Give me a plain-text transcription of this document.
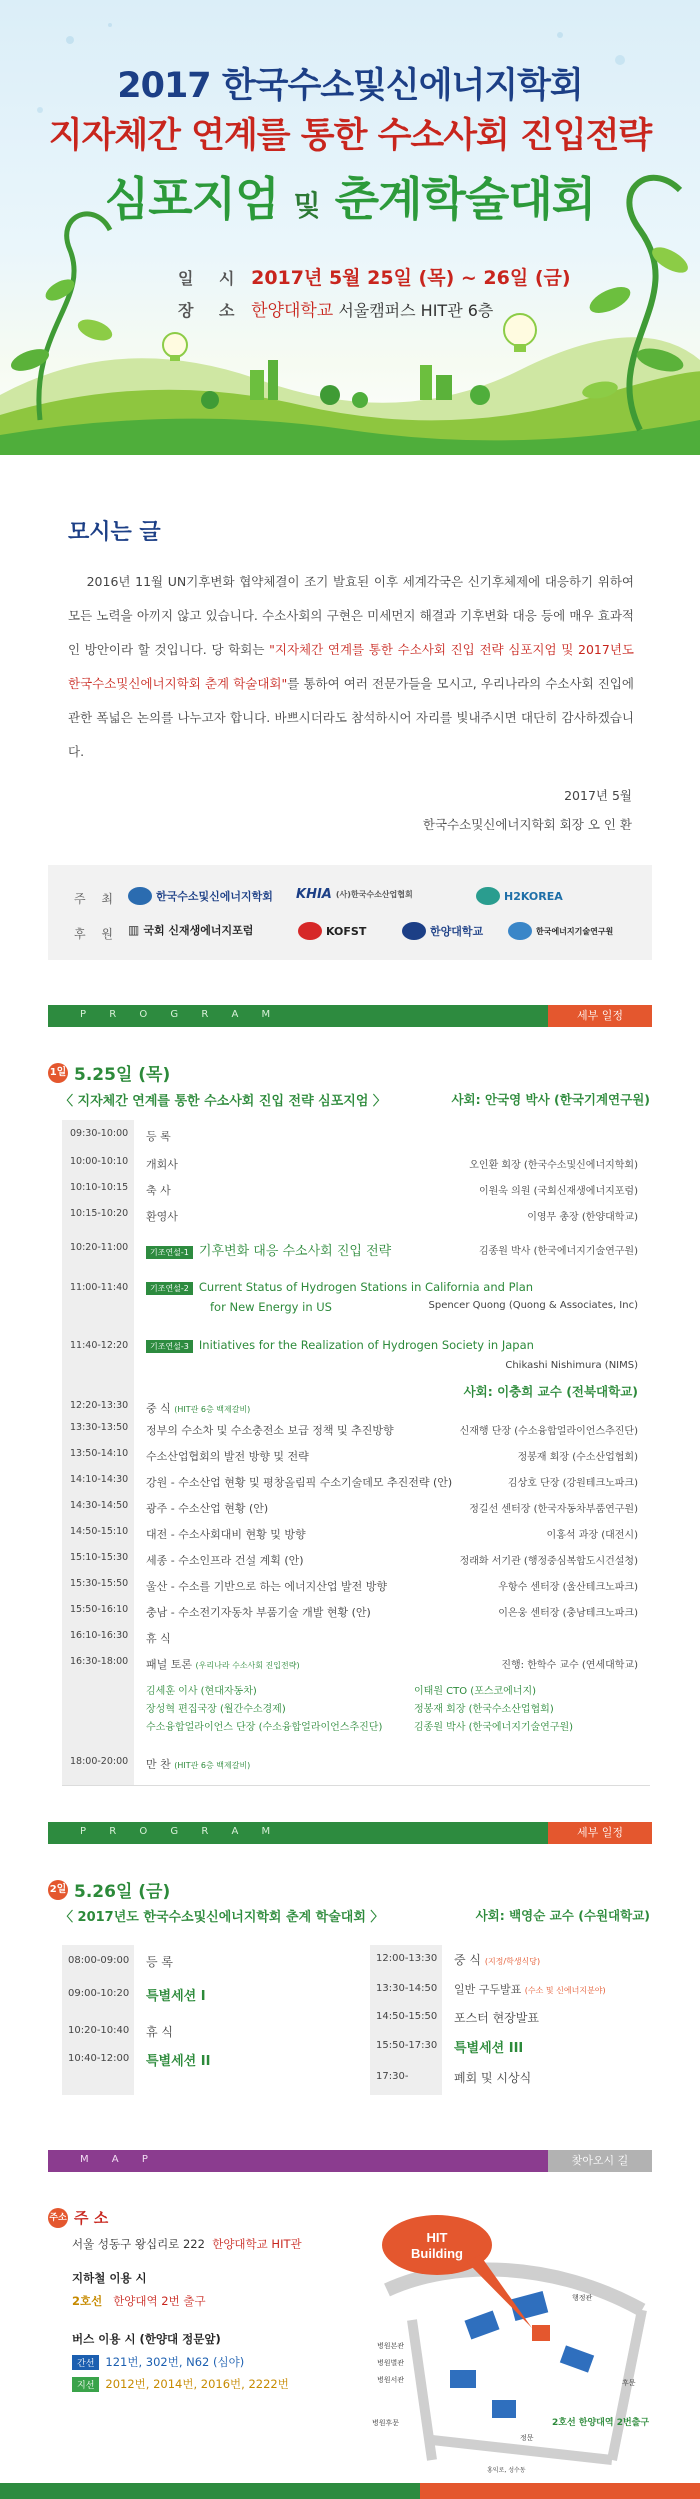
2017 한국수소및신에너지학회
지자체간 연계를 통한 수소사회 진입전략
심포지엄 및 춘계학술대회
일 시 2017년 5월 25일 (목) ~ 26일 (금)
장 소 한양대학교 서울캠퍼스 HIT관 6층
모시는 글
2016년 11월 UN기후변화 협약체결이 조기 발효된 이후 세계각국은 신기후체제에 대응하기 위하여 모든 노력을 아끼지 않고 있습니다. 수소사회의 구현은 미세먼지 해결과 기후변화 대응 등에 매우 효과적인 방안이라 할 것입니다. 당 학회는 "지자체간 연계를 통한 수소사회 진입 전략 심포지엄 및 2017년도 한국수소및신에너지학회 춘계 학술대회"를 통하여 여러 전문가들을 모시고, 우리나라의 수소사회 진입에 관한 폭넓은 논의를 나누고자 합니다. 바쁘시더라도 참석하시어 자리를 빛내주시면 대단히 감사하겠습니다.
2017년 5월
한국수소및신에너지학회 회장 오 인 환
주 최
후 원
한국수소및신에너지학회 KHIA (사)한국수소산업협회	H2KOREA
▥ 국회 신재생에너지포럼	KOFST	한양대학교	한국에너지기술연구원
P R O G R A M	세부 일정
1일 5.25일 (목)
〈 지자체간 연계를 통한 수소사회 진입 전략 심포지엄 〉	사회: 안국영 박사 (한국기계연구원)
09:30-10:00 등 록
10:00-10:10 개회사	오인환 회장 (한국수소및신에너지학회)
10:10-10:15 축 사	이원욱 의원 (국회신재생에너지포럼)
10:15-10:20 환영사	이영무 총장 (한양대학교)
10:20-11:00	기조연설-1 기후변화 대응 수소사회 진입 전략	김종원 박사 (한국에너지기술연구원)
11:00-11:40	기조연설-2 Current Status of Hydrogen Stations in California and Plan
for New Energy in US	Spencer Quong (Quong & Associates, Inc)
11:40-12:20	기조연설-3 Initiatives for the Realization of Hydrogen Society in Japan
Chikashi Nishimura (NIMS)
사회: 이충희 교수 (전북대학교)
12:20-13:30 중 식 (HIT관 6층 백제갈비)
13:30-13:50 정부의 수소차 및 수소충전소 보급 정책 및 추진방향	신재행 단장 (수소융합얼라이언스추진단)
13:50-14:10 수소산업협회의 발전 방향 및 전략	정봉재 회장 (수소산업협회)
14:10-14:30 강원 - 수소산업 현황 및 평창올림픽 수소기술데모 추진전략 (안)	김상호 단장 (강원테크노파크)
14:30-14:50 광주 - 수소산업 현황 (안)	정길선 센터장 (한국자동차부품연구원)
14:50-15:10 대전 - 수소사회대비 현황 및 방향	이홍석 과장 (대전시)
15:10-15:30 세종 - 수소인프라 건설 계획 (안)	정래화 서기관 (행정중심복합도시건설청)
15:30-15:50 울산 - 수소를 기반으로 하는 에너지산업 발전 방향	우항수 센터장 (울산테크노파크)
15:50-16:10 충남 - 수소전기자동차 부품기술 개발 현황 (안)	이은웅 센터장 (충남테크노파크)
16:10-16:30 휴 식
16:30-18:00 패널 토론 (우리나라 수소사회 진입전략)	진행: 한학수 교수 (연세대학교)
김세훈 이사 (현대자동차)	이태원 CTO (포스코에너지)
장성혁 편집국장 (월간수소경제)	정봉재 회장 (한국수소산업협회)
수소융합얼라이언스 단장 (수소융합얼라이언스추진단)	김종원 박사 (한국에너지기술연구원)
18:00-20:00 만 찬 (HIT관 6층 백제갈비)
P R O G R A M	세부 일정
2일 5.26일 (금)
〈 2017년도 한국수소및신에너지학회 춘계 학술대회 〉	사회: 백영순 교수 (수원대학교)
08:00-09:00 등 록
09:00-10:20 특별세션 I
10:20-10:40 휴 식
10:40-12:00 특별세션 II
12:00-13:30 중 식 (지정/학생식당)
13:30-14:50 일반 구두발표 (수소 및 신에너지분야)
14:50-15:50 포스터 현장발표
15:50-17:30 특별세션 III
17:30-	폐회 및 시상식
M A P	찾아오시 길
주소 주 소
서울 성동구 왕십리로 222 한양대학교 HIT관
지하철 이용 시
2호선 한양대역 2번 출구
버스 이용 시 (한양대 정문앞)
간선 121번, 302번, N62 (심야)
지선 2012번, 2014번, 2016번, 2222번
HIT
Building
행정관
병원본관
병원별관
병원서관
정문
후문
병원후문
홍익로, 성수동
2호선 한양대역 2번출구
